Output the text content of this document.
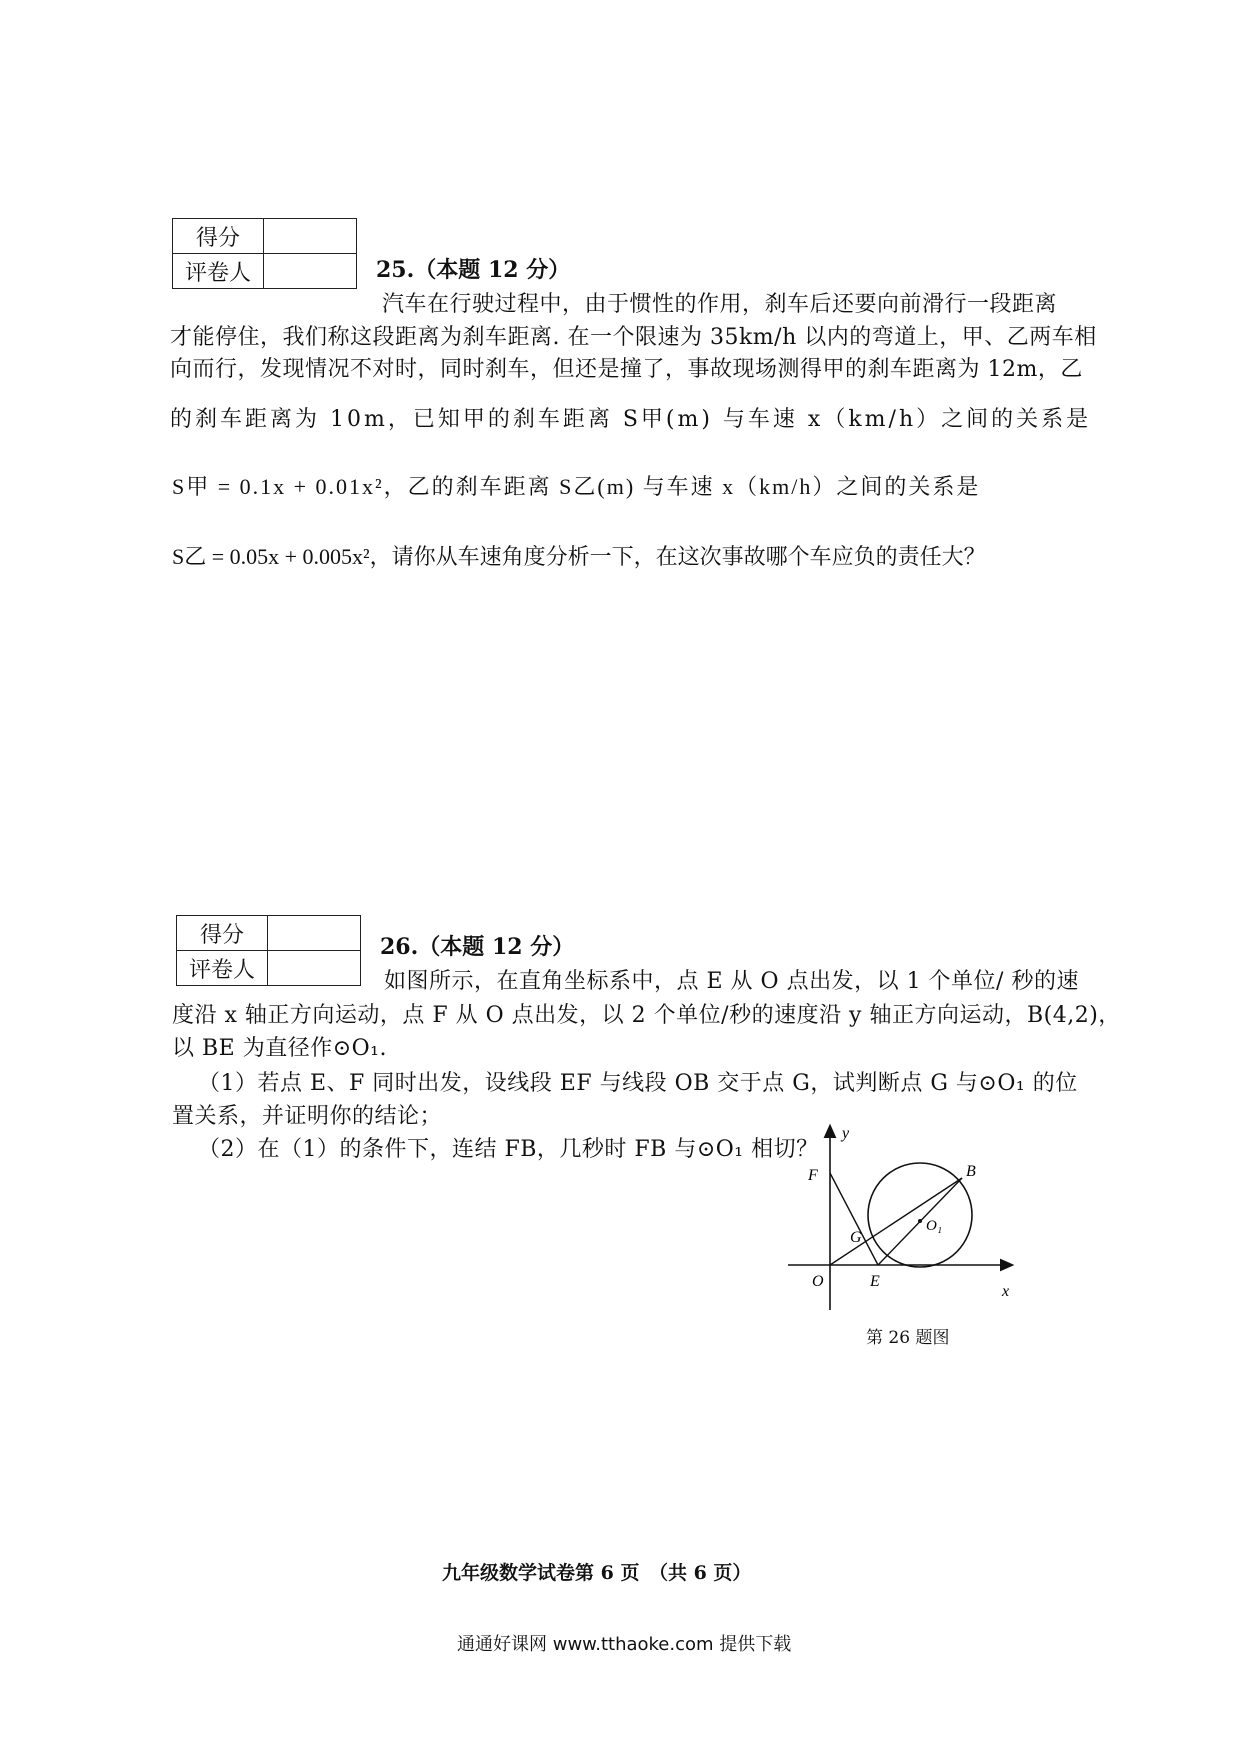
得分	
评卷人		25.（本题 12 分）
汽车在行驶过程中，由于惯性的作用，刹车后还要向前滑行一段距离
才能停住，我们称这段距离为刹车距离. 在一个限速为 35km/h 以内的弯道上，甲、乙两车相
向而行，发现情况不对时，同时刹车，但还是撞了，事故现场测得甲的刹车距离为 12m，乙
的刹车距离为 10m，已知甲的刹车距离 S甲(m) 与车速 x（km/h）之间的关系是
S甲 = 0.1x + 0.01x²，乙的刹车距离 S乙(m) 与车速 x（km/h）之间的关系是
S乙 = 0.05x + 0.005x²，请你从车速角度分析一下，在这次事故哪个车应负的责任大？
得分	
评卷人	
26.（本题 12 分）
如图所示，在直角坐标系中，点 E 从 O 点出发，以 1 个单位/ 秒的速
度沿 x 轴正方向运动，点 F 从 O 点出发，以 2 个单位/秒的速度沿 y 轴正方向运动，B(4,2)，
以 BE 为直径作⊙O₁.
（1）若点 E、F 同时出发，设线段 EF 与线段 OB 交于点 G，试判断点 G 与⊙O₁ 的位
置关系，并证明你的结论；
（2）在（1）的条件下，连结 FB，几秒时 FB 与⊙O₁ 相切？
y
x
F	B
G
O₁
O	E
第 26 题图
九年级数学试卷第 6 页　（共 6 页）
通通好课网 www.tthaoke.com 提供下载
